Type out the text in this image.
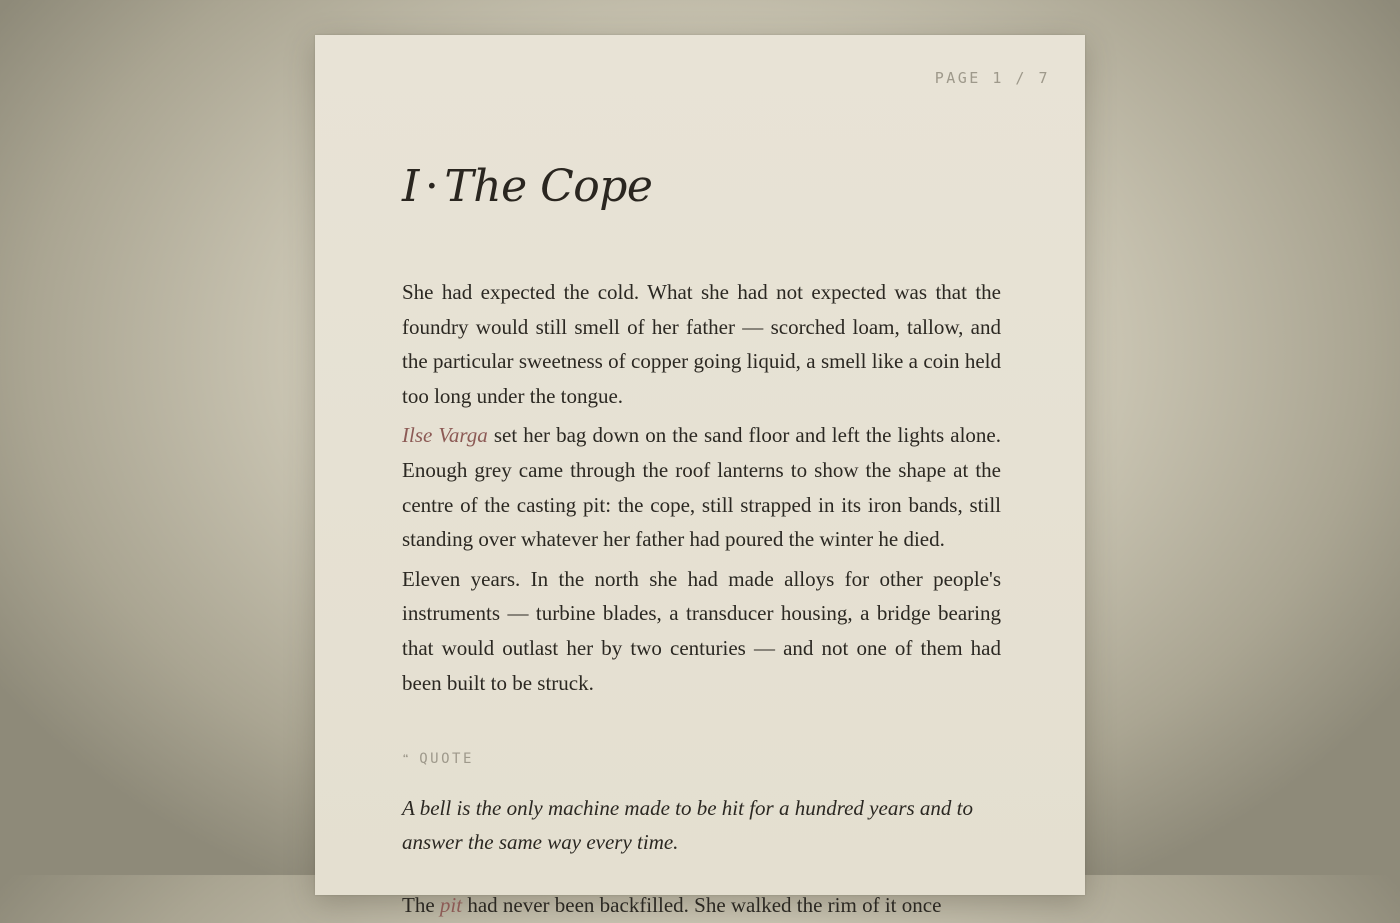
PAGE 1 / 7
I · The Cope

She had expected the cold. What she had not expected was that the foundry would still smell of her father — scorched loam, tallow, and the particular sweetness of copper going liquid, a smell like a coin held too long under the tongue.

Ilse Varga set her bag down on the sand floor and left the lights alone. Enough grey came through the roof lanterns to show the shape at the centre of the casting pit: the cope, still strapped in its iron bands, still standing over whatever her father had poured the winter he died.

Eleven years. In the north she had made alloys for other people's instruments — turbine blades, a transducer housing, a bridge bearing that would outlast her by two centuries — and not one of them had been built to be struck.

❝ QUOTE
A bell is the only machine made to be hit for a hundred years and to answer the same way every time.
The pit had never been backfilled. She walked the rim of it once
